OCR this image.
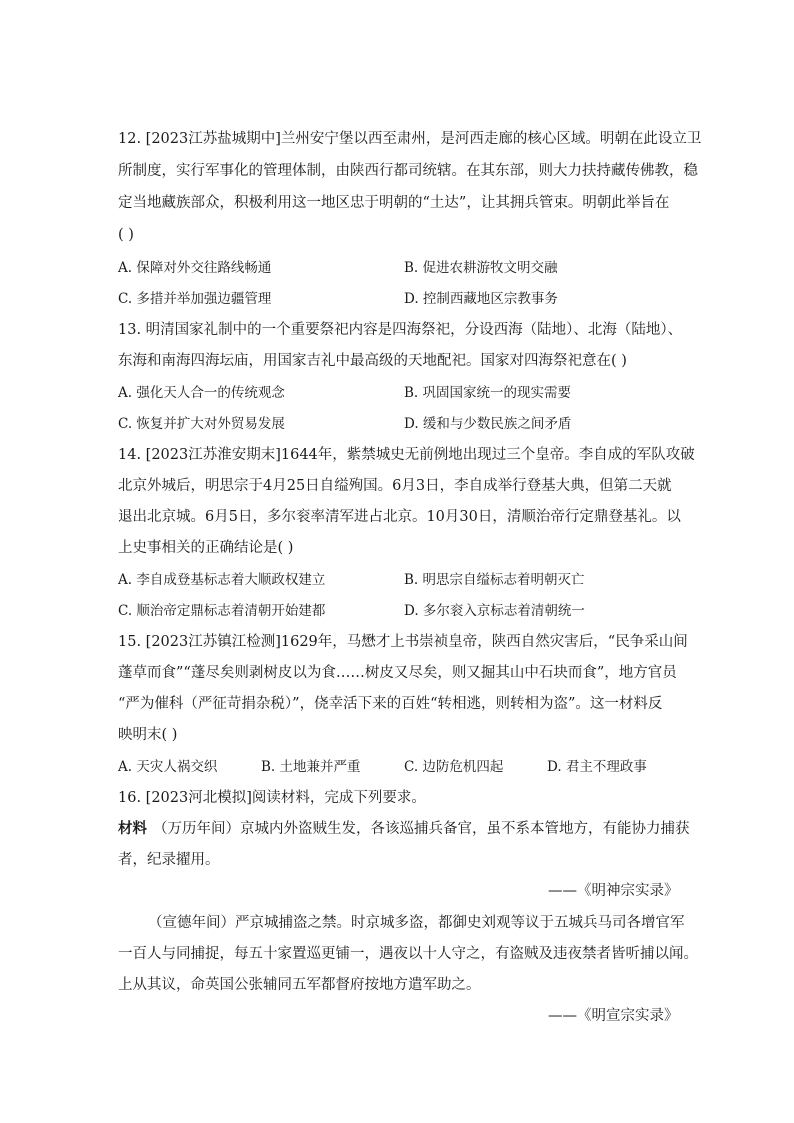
12. [2023江苏盐城期中]兰州安宁堡以西至肃州，是河西走廊的核心区域。明朝在此设立卫
所制度，实行军事化的管理体制，由陕西行都司统辖。在其东部，则大力扶持藏传佛教，稳
定当地藏族部众，积极利用这一地区忠于明朝的“土达”，让其拥兵管束。明朝此举旨在
( )
A. 保障对外交往路线畅通	B. 促进农耕游牧文明交融
C. 多措并举加强边疆管理	D. 控制西藏地区宗教事务
13. 明清国家礼制中的一个重要祭祀内容是四海祭祀，分设西海（陆地）、北海（陆地）、
东海和南海四海坛庙，用国家吉礼中最高级的天地配祀。国家对四海祭祀意在( )
A. 强化天人合一的传统观念	B. 巩固国家统一的现实需要
C. 恢复并扩大对外贸易发展	D. 缓和与少数民族之间矛盾
14. [2023江苏淮安期末]1644年，紫禁城史无前例地出现过三个皇帝。李自成的军队攻破
北京外城后，明思宗于4月25日自缢殉国。6月3日，李自成举行登基大典，但第二天就
退出北京城。6月5日，多尔衮率清军进占北京。10月30日，清顺治帝行定鼎登基礼。以
上史事相关的正确结论是( )
A. 李自成登基标志着大顺政权建立	B. 明思宗自缢标志着明朝灭亡
C. 顺治帝定鼎标志着清朝开始建都	D. 多尔衮入京标志着清朝统一
15. [2023江苏镇江检测]1629年，马懋才上书崇祯皇帝，陕西自然灾害后，“民争采山间
蓬草而食”“蓬尽矣则剥树皮以为食……树皮又尽矣，则又掘其山中石块而食”，地方官员
“严为催科（严征苛捐杂税）”，侥幸活下来的百姓“转相逃，则转相为盗”。这一材料反
映明末( )
A. 天灾人祸交织	B. 土地兼并严重	C. 边防危机四起	D. 君主不理政事
16. [2023河北模拟]阅读材料，完成下列要求。
材料 （万历年间）京城内外盗贼生发，各该巡捕兵备官，虽不系本管地方，有能协力捕获
者，纪录擢用。
——《明神宗实录》
（宣德年间）严京城捕盗之禁。时京城多盗，都御史刘观等议于五城兵马司各增官军
一百人与同捕捉，每五十家置巡更铺一，遇夜以十人守之，有盗贼及违夜禁者皆听捕以闻。
上从其议，命英国公张辅同五军都督府按地方遣军助之。
——《明宣宗实录》
